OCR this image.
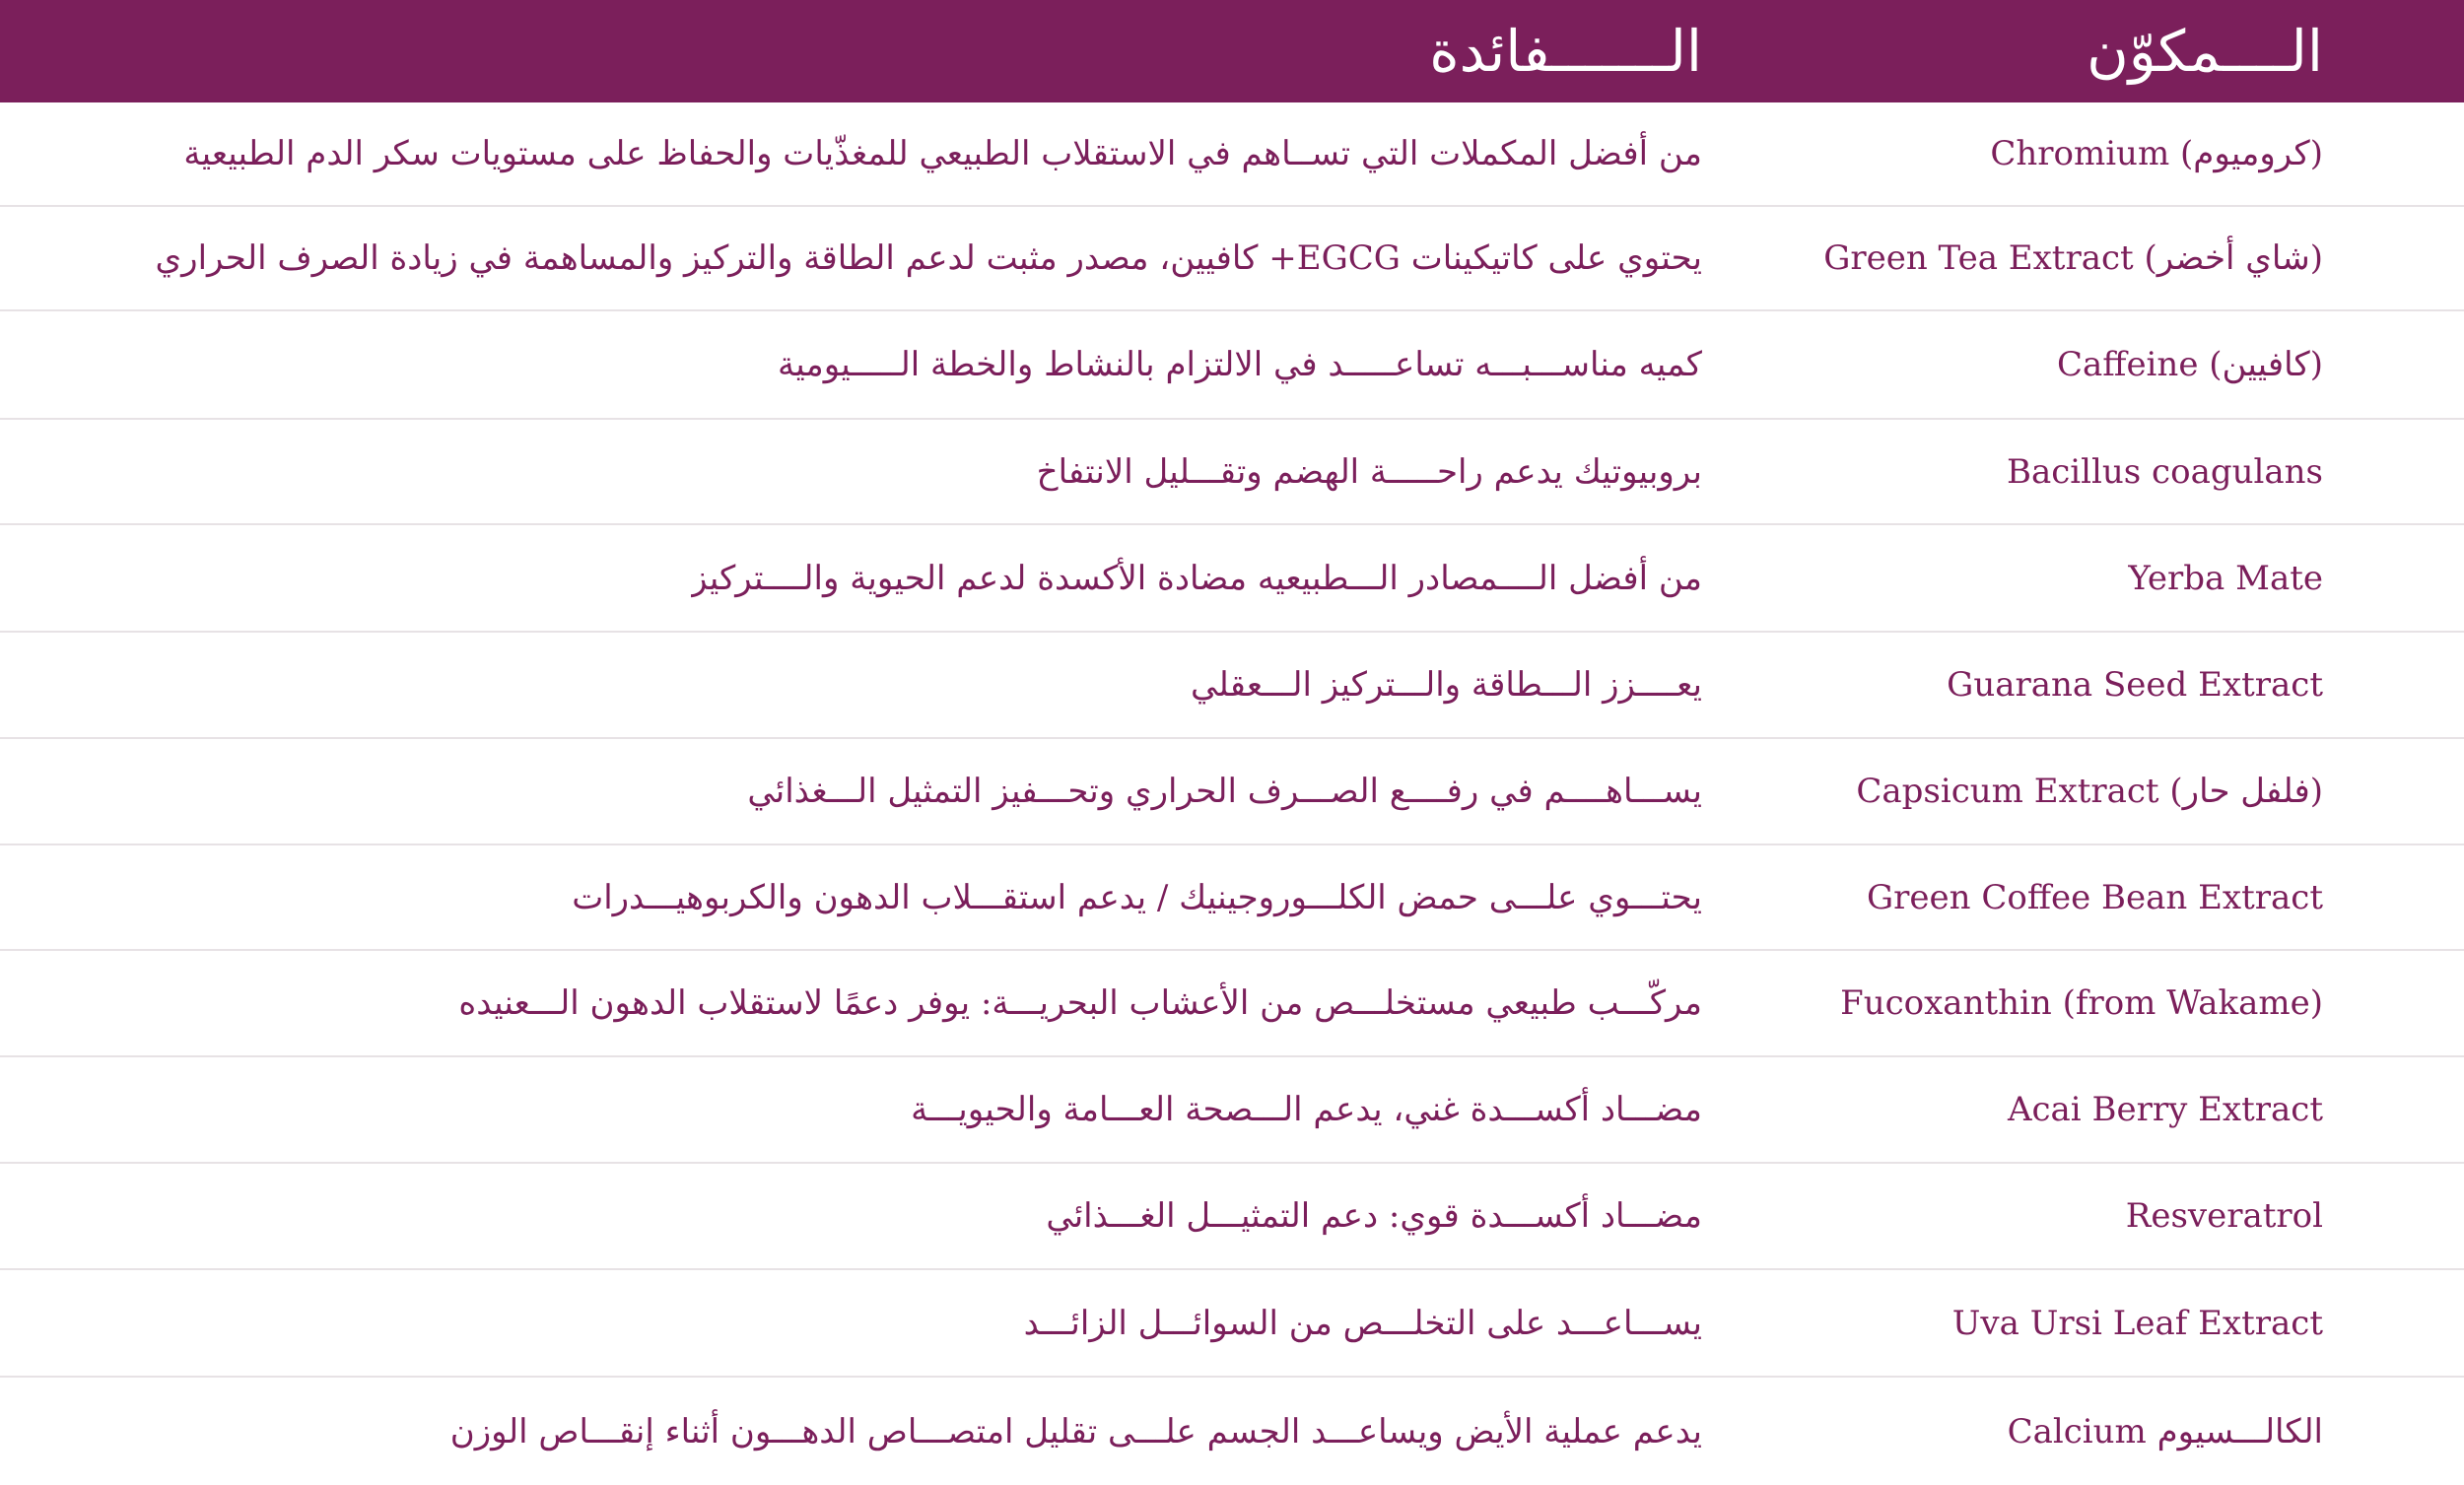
الــــمكوّن
الـــــــفائدة
Chromium (كروميوم)
من أفضل المكملات التي تســاهم في الاستقلاب الطبيعي للمغذّيات والحفاظ على مستويات سكر الدم الطبيعية
Green Tea Extract (شاي أخضر)
يحتوي على كاتيكينات EGCG+ كافيين، مصدر مثبت لدعم الطاقة والتركيز والمساهمة في زيادة الصرف الحراري
Caffeine (كافيين)
كميه مناســـبـــه تساعـــــد في الالتزام بالنشاط والخطة الـــــيومية
Bacillus coagulans
بروبيوتيك يدعم راحـــــة الهضم وتقـــليل الانتفاخ
Yerba Mate
من أفضل الــــمصادر الـــطبيعيه مضادة الأكسدة لدعم الحيوية والــــتركيز
Guarana Seed Extract
يعــــزز الـــطاقة والـــتركيز الـــعقلي
Capsicum Extract (فلفل حار)
يســـاهــــم في رفــــع الصـــرف الحراري وتحـــفيز التمثيل الـــغذائي
Green Coffee Bean Extract
يحتـــوي علـــى حمض الكلـــوروجينيك / يدعم استقـــلاب الدهون والكربوهيـــدرات
Fucoxanthin (from Wakame)
مركّـــب طبيعي مستخلـــص من الأعشاب البحريـــة: يوفر دعمًا لاستقلاب الدهون الـــعنيده
Acai Berry Extract
مضـــاد أكســـدة غني، يدعم الـــصحة العـــامة والحيويـــة
Resveratrol
مضـــاد أكســـدة قوي: دعم التمثيـــل الغـــذائي
Uva Ursi Leaf Extract
يســـاعـــد على التخلـــص من السوائـــل الزائـــد
Calcium الكالـــسيوم
يدعم عملية الأيض ويساعـــد الجسم علـــى تقليل امتصـــاص الدهـــون أثناء إنقـــاص الوزن
